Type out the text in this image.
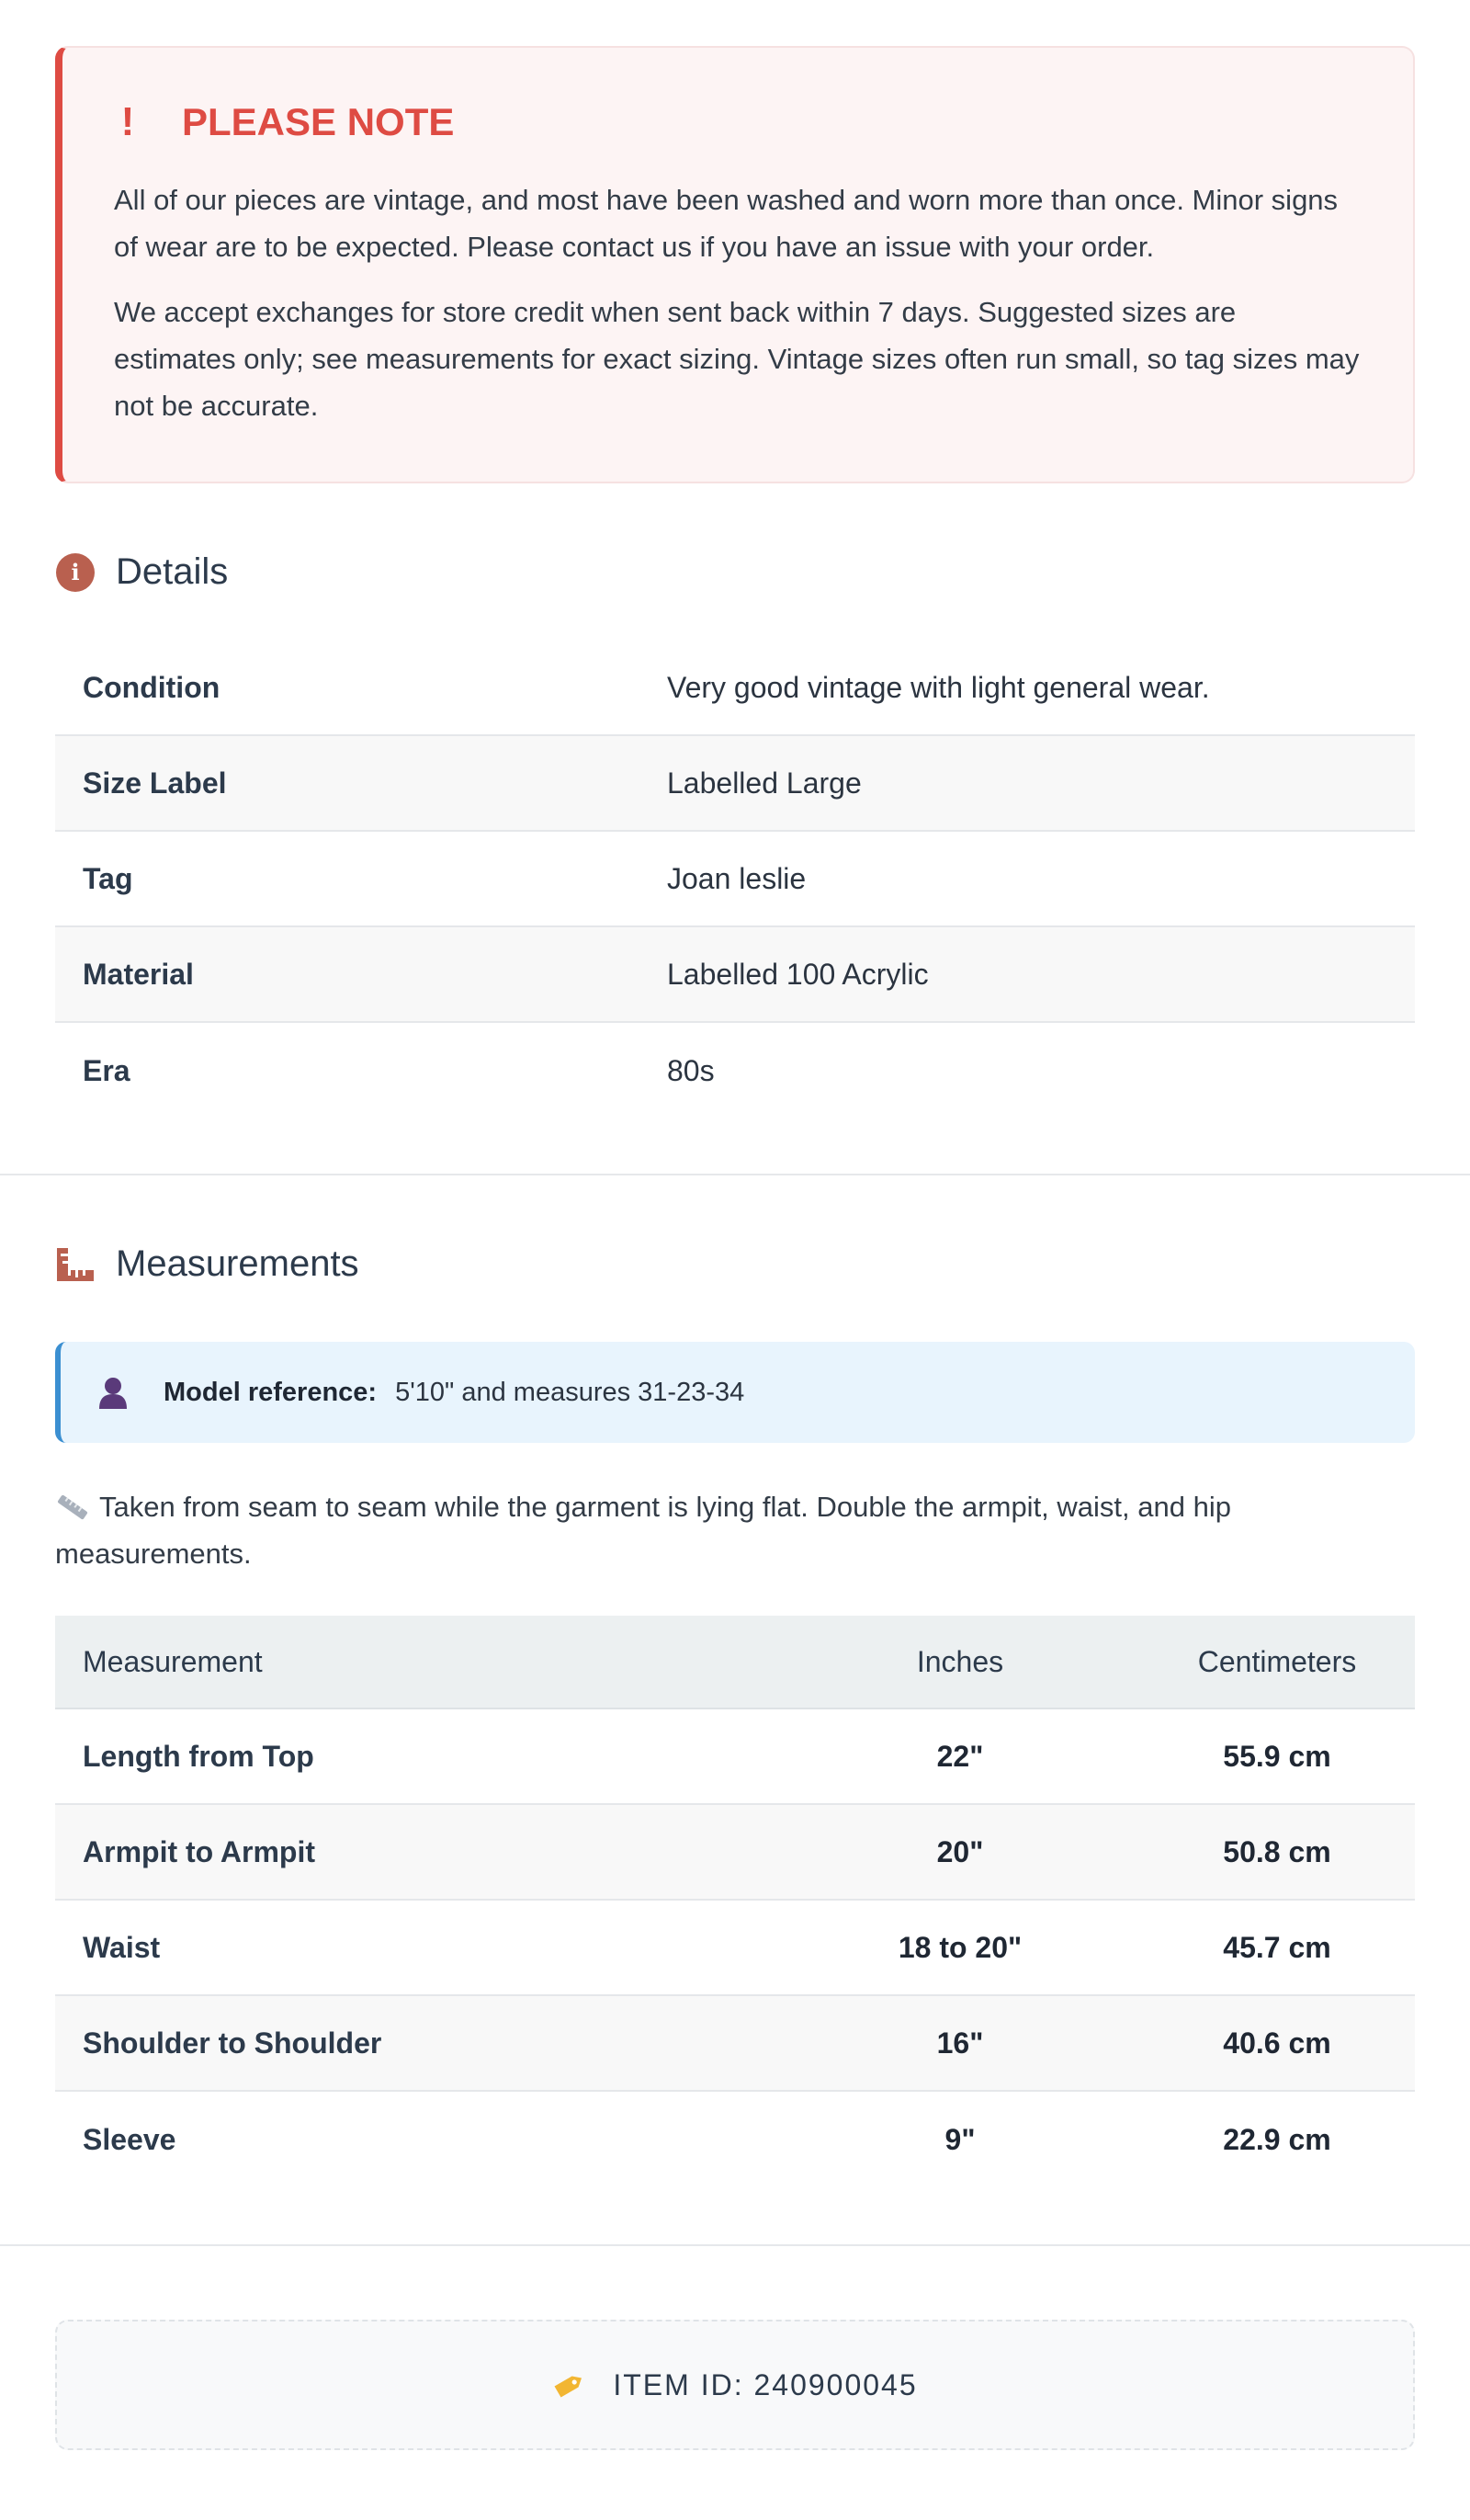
! PLEASE NOTE

All of our pieces are vintage, and most have been washed and worn more than once. Minor signs of wear are to be expected. Please contact us if you have an issue with your order.

We accept exchanges for store credit when sent back within 7 days. Suggested sizes are estimates only; see measurements for exact sizing. Vintage sizes often run small, so tag sizes may not be accurate.

i Details
Condition	Very good vintage with light general wear.
Size Label	Labelled Large
Tag	Joan leslie
Material	Labelled 100 Acrylic
Era	80s
Measurements
Model reference: 5'10" and measures 31-23-34
Taken from seam to seam while the garment is lying flat. Double the armpit, waist, and hip measurements.
Measurement	Inches	Centimeters
Length from Top	22"	55.9 cm
Armpit to Armpit	20"	50.8 cm
Waist	18 to 20"	45.7 cm
Shoulder to Shoulder	16"	40.6 cm
Sleeve	9"	22.9 cm
ITEM ID: 240900045
